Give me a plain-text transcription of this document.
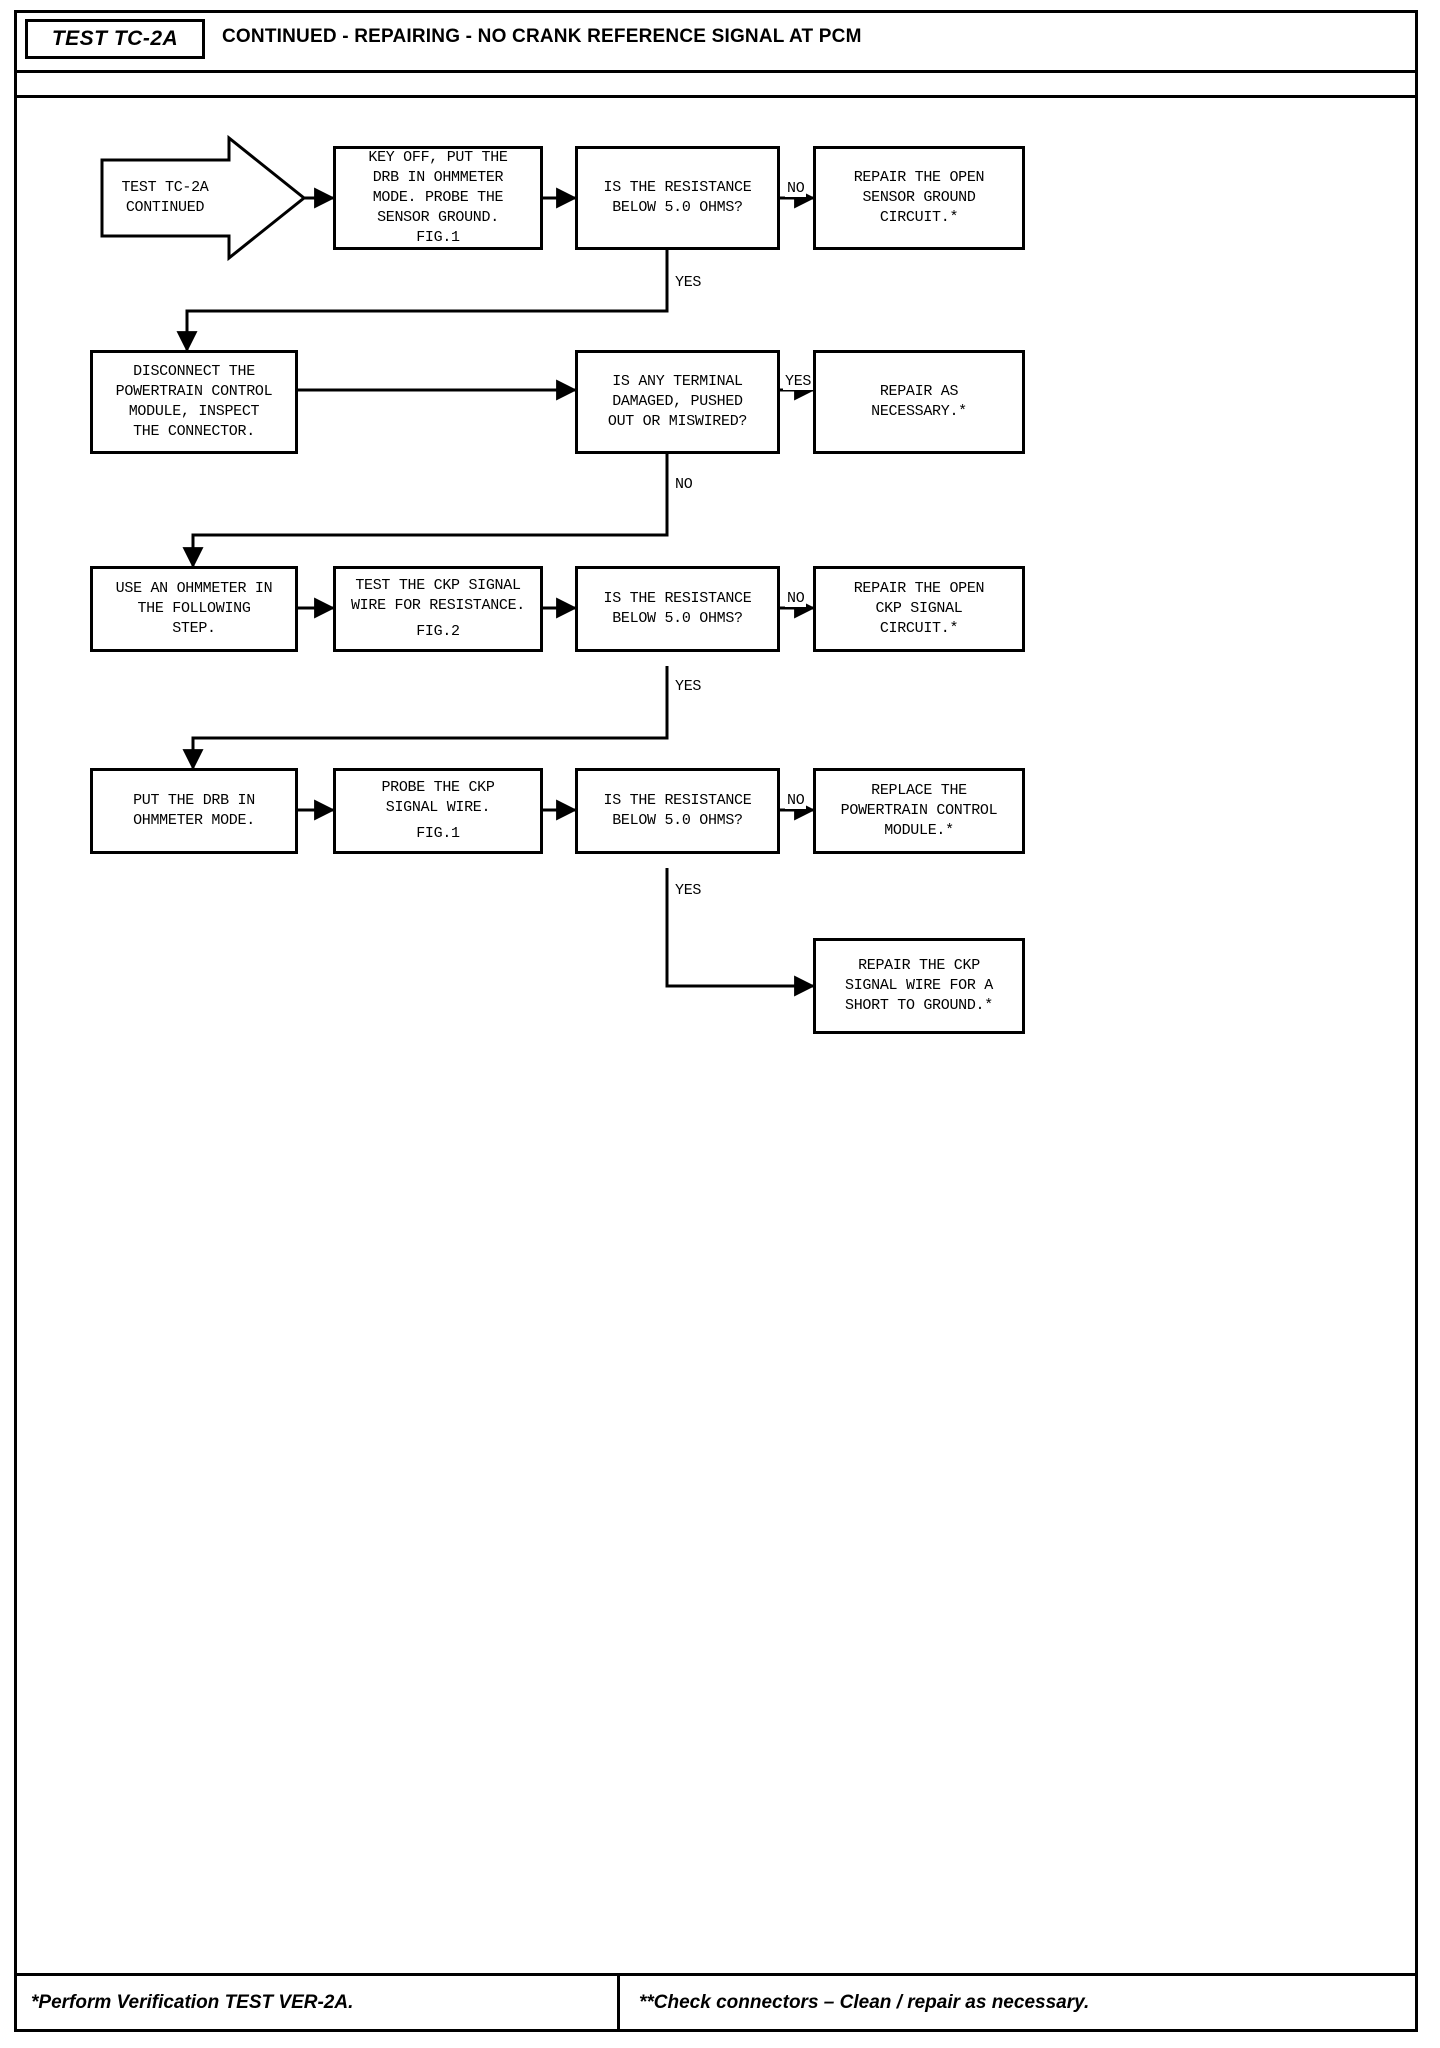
TEST TC-2A CONTINUED - REPAIRING - NO CRANK REFERENCE SIGNAL AT PCM
TEST TC-2A
CONTINUED
KEY OFF, PUT THE
DRB IN OHMMETER
MODE. PROBE THE
SENSOR GROUND.
FIG.1
IS THE RESISTANCE
BELOW 5.0 OHMS?
REPAIR THE OPEN
SENSOR GROUND
CIRCUIT.*
NO
YES
DISCONNECT THE
POWERTRAIN CONTROL
MODULE, INSPECT
THE CONNECTOR.
IS ANY TERMINAL
DAMAGED, PUSHED
OUT OR MISWIRED?
REPAIR AS
NECESSARY.*
YES
NO
USE AN OHMMETER IN
THE FOLLOWING
STEP.
TEST THE CKP SIGNAL
WIRE FOR RESISTANCE.
FIG.2
IS THE RESISTANCE
BELOW 5.0 OHMS?
REPAIR THE OPEN
CKP SIGNAL
CIRCUIT.*
NO
YES
PUT THE DRB IN
OHMMETER MODE.
PROBE THE CKP
SIGNAL WIRE.
FIG.1
IS THE RESISTANCE
BELOW 5.0 OHMS?
REPLACE THE
POWERTRAIN CONTROL
MODULE.*
NO
YES
REPAIR THE CKP
SIGNAL WIRE FOR A
SHORT TO GROUND.*
*Perform Verification TEST VER-2A.	**Check connectors – Clean / repair as necessary.
